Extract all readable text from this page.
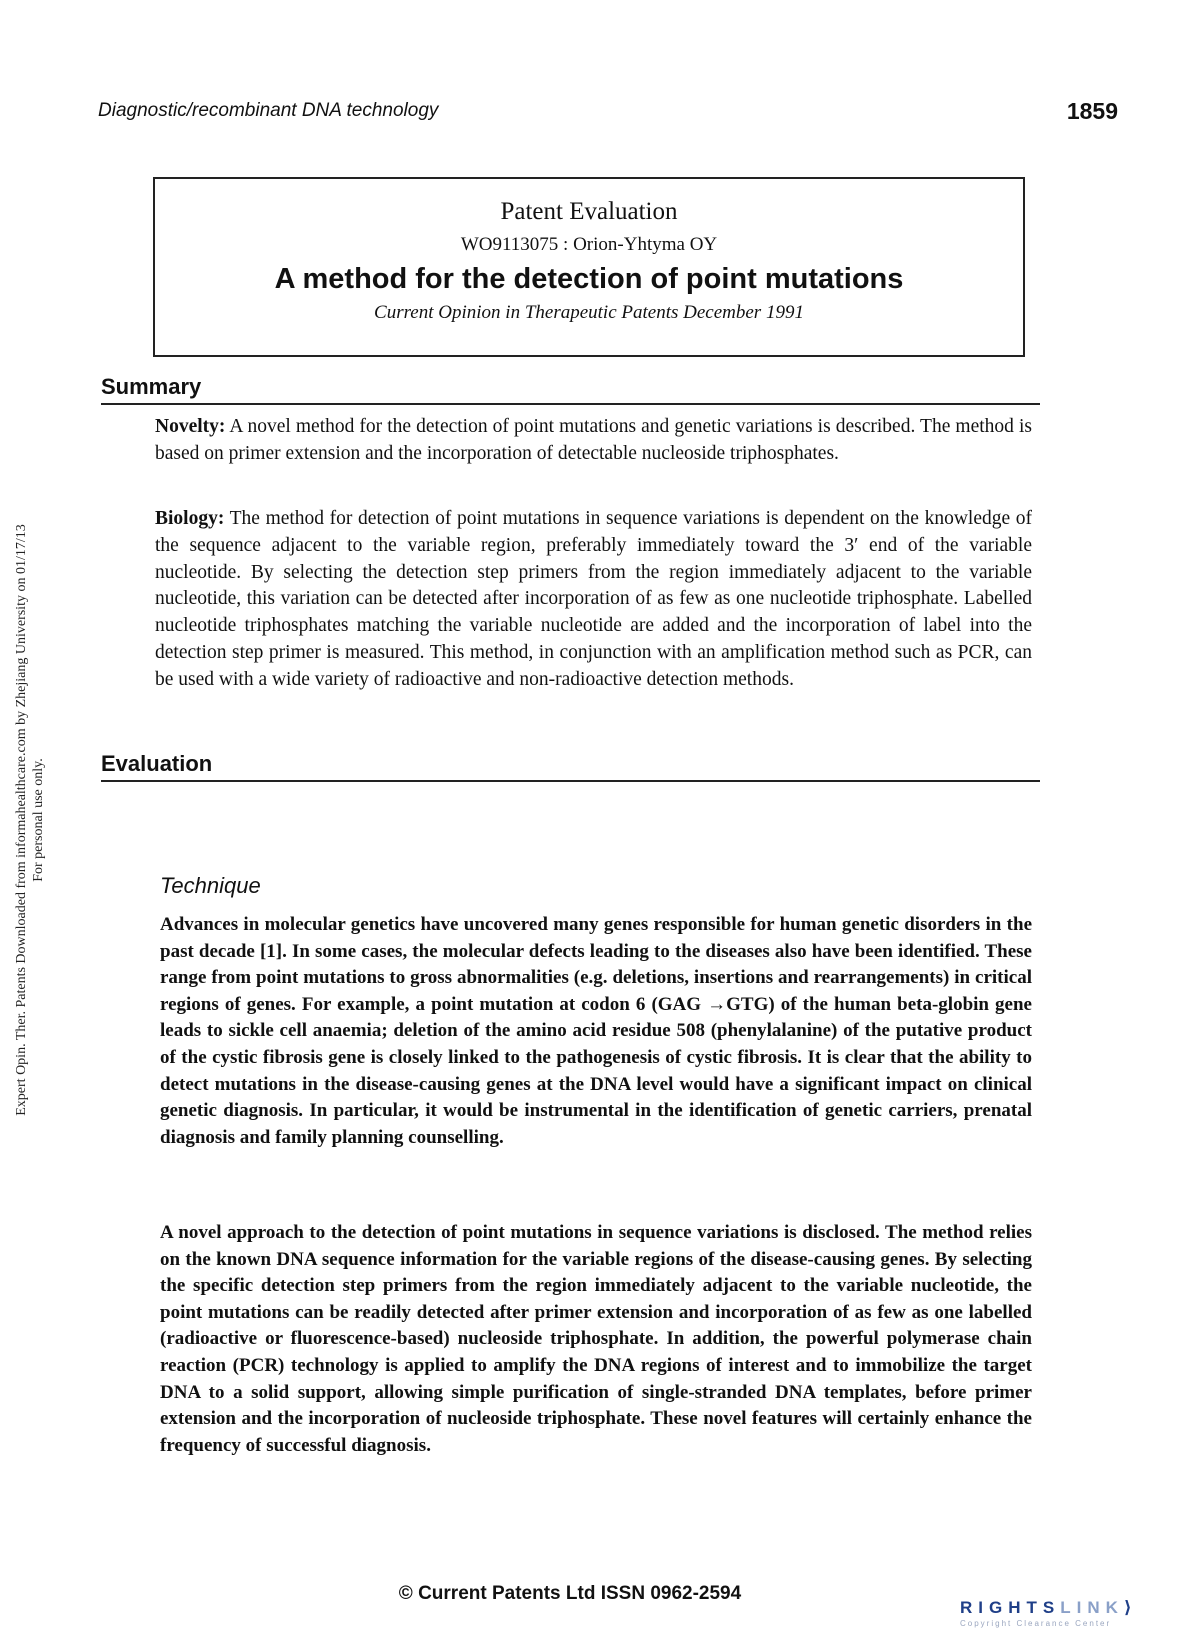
Expert Opin. Ther. Patents Downloaded from informahealthcare.com by Zhejiang University on 01/17/13 For personal use only.
Diagnostic/recombinant DNA technology	1859
Patent Evaluation
WO9113075 : Orion-Yhtyma OY
A method for the detection of point mutations
Current Opinion in Therapeutic Patents December 1991
Summary

Novelty: A novel method for the detection of point mutations and genetic variations is described. The method is based on primer extension and the incorporation of detectable nucleoside triphosphates.

Biology: The method for detection of point mutations in sequence variations is dependent on the knowledge of the sequence adjacent to the variable region, preferably immediately toward the 3′ end of the variable nucleotide. By selecting the detection step primers from the region immediately adjacent to the variable nucleotide, this variation can be detected after incorporation of as few as one nucleotide triphosphate. Labelled nucleotide triphosphates matching the variable nucleotide are added and the incorporation of label into the detection step primer is measured. This method, in conjunction with an amplification method such as PCR, can be used with a wide variety of radioactive and non-radioactive detection methods.

Evaluation
Technique

Advances in molecular genetics have uncovered many genes responsible for human genetic disorders in the past decade [1]. In some cases, the molecular defects leading to the diseases also have been identified. These range from point mutations to gross abnormalities (e.g. deletions, insertions and rearrangements) in critical regions of genes. For example, a point mutation at codon 6 (GAG →GTG) of the human beta-globin gene leads to sickle cell anaemia; deletion of the amino acid residue 508 (phenylalanine) of the putative product of the cystic fibrosis gene is closely linked to the pathogenesis of cystic fibrosis. It is clear that the ability to detect mutations in the disease-causing genes at the DNA level would have a significant impact on clinical genetic diagnosis. In particular, it would be instrumental in the identification of genetic carriers, prenatal diagnosis and family planning counselling.

A novel approach to the detection of point mutations in sequence variations is disclosed. The method relies on the known DNA sequence information for the variable regions of the disease-causing genes. By selecting the specific detection step primers from the region immediately adjacent to the variable nucleotide, the point mutations can be readily detected after primer extension and incorporation of as few as one labelled (radioactive or fluorescence-based) nucleoside triphosphate. In addition, the powerful polymerase chain reaction (PCR) technology is applied to amplify the DNA regions of interest and to immobilize the target DNA to a solid support, allowing simple purification of single-stranded DNA templates, before primer extension and the incorporation of nucleoside triphosphate. These novel features will certainly enhance the frequency of successful diagnosis.

© Current Patents Ltd ISSN 0962-2594
RIGHTSLINK⟩
Copyright Clearance Center
